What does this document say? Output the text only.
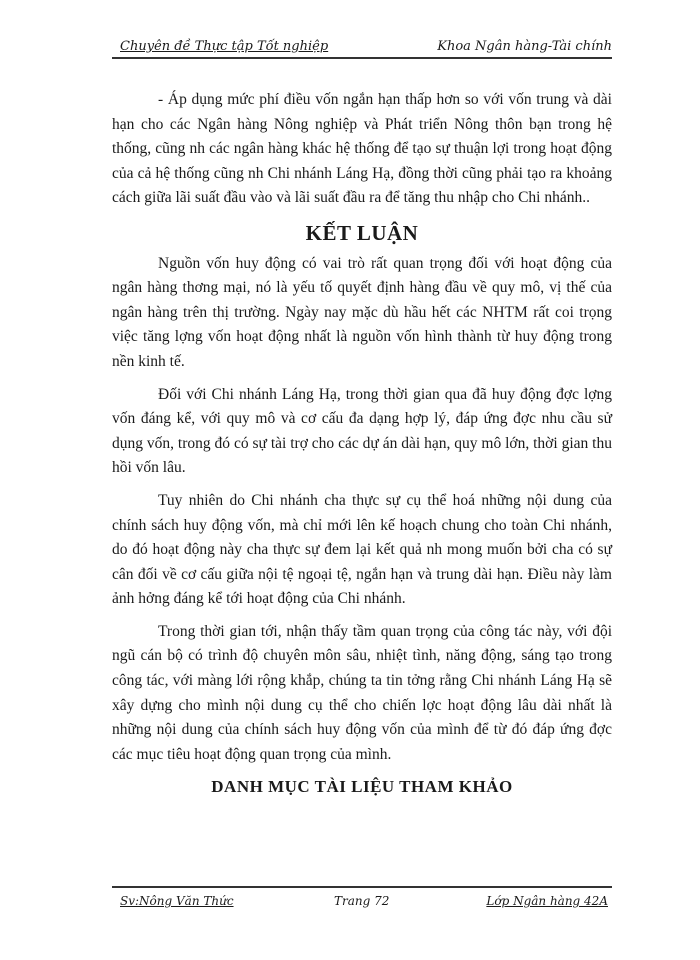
Chuyên đề Thực tập Tốt nghiệp	Khoa Ngân hàng-Tài chính

- Áp dụng mức phí điều vốn ngắn hạn thấp hơn so với vốn trung và dài hạn cho các Ngân hàng Nông nghiệp và Phát triển Nông thôn bạn trong hệ thống, cũng nh các ngân hàng khác hệ thống để tạo sự thuận lợi trong hoạt động của cả hệ thống cũng nh Chi nhánh Láng Hạ, đồng thời cũng phải tạo ra khoảng cách giữa lãi suất đầu vào và lãi suất đầu ra để tăng thu nhập cho Chi nhánh..

KẾT LUẬN

Nguồn vốn huy động có vai trò rất quan trọng đối với hoạt động của ngân hàng thơng mại, nó là yếu tố quyết định hàng đầu về quy mô, vị thế của ngân hàng trên thị trường. Ngày nay mặc dù hầu hết các NHTM rất coi trọng việc tăng lợng vốn hoạt động nhất là nguồn vốn hình thành từ huy động trong nền kinh tế.

Đối với Chi nhánh Láng Hạ, trong thời gian qua đã huy động đợc lợng vốn đáng kể, với quy mô và cơ cấu đa dạng hợp lý, đáp ứng đợc nhu cầu sử dụng vốn, trong đó có sự tài trợ cho các dự án dài hạn, quy mô lớn, thời gian thu hồi vốn lâu.

Tuy nhiên do Chi nhánh cha thực sự cụ thể hoá những nội dung của chính sách huy động vốn, mà chỉ mới lên kế hoạch chung cho toàn Chi nhánh, do đó hoạt động này cha thực sự đem lại kết quả nh mong muốn bởi cha có sự cân đối về cơ cấu giữa nội tệ ngoại tệ, ngắn hạn và trung dài hạn. Điều này làm ảnh hởng đáng kể tới hoạt động của Chi nhánh.

Trong thời gian tới, nhận thấy tầm quan trọng của công tác này, với đội ngũ cán bộ có trình độ chuyên môn sâu, nhiệt tình, năng động, sáng tạo trong công tác, với màng lới rộng khắp, chúng ta tin tởng rằng Chi nhánh Láng Hạ sẽ xây dựng cho mình nội dung cụ thể cho chiến lợc hoạt động lâu dài nhất là những nội dung của chính sách huy động vốn của mình để từ đó đáp ứng đợc các mục tiêu hoạt động quan trọng của mình.

DANH MỤC TÀI LIỆU THAM KHẢO
Sv:Nông Văn Thức	Trang 72	Lớp Ngân hàng 42A
